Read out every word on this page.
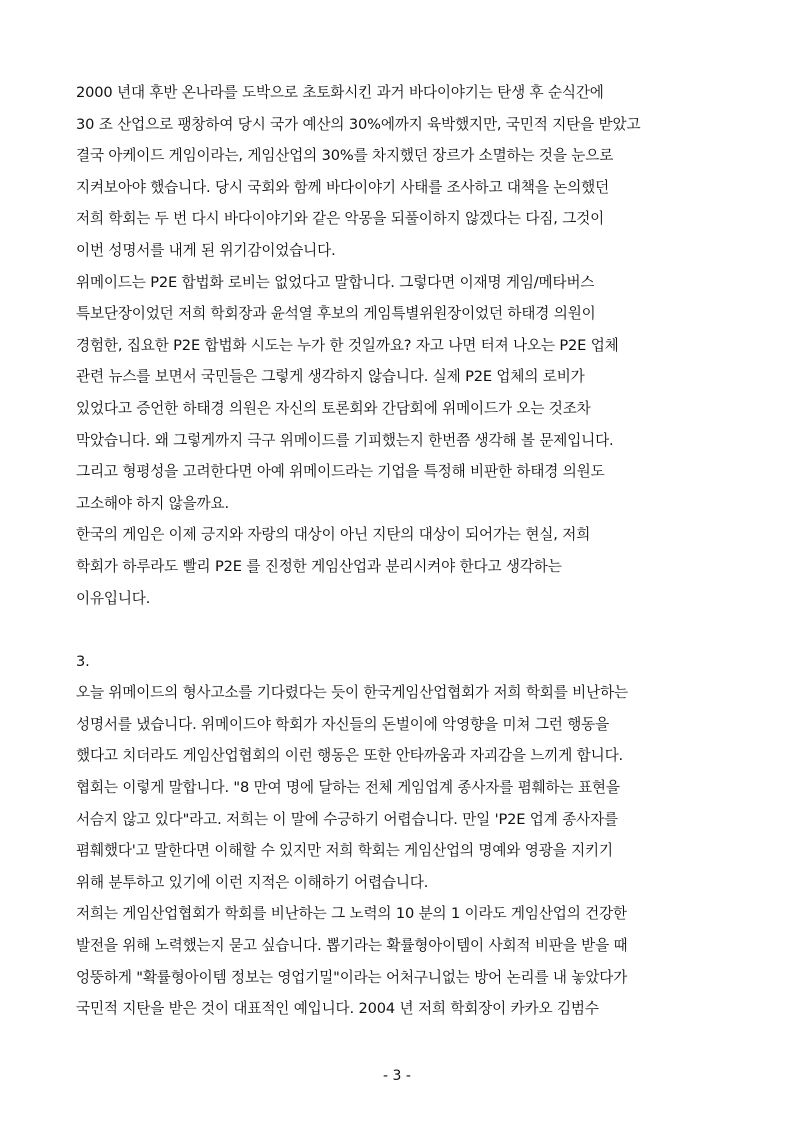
2000 년대 후반 온나라를 도박으로 초토화시킨 과거 바다이야기는 탄생 후 순식간에
30 조 산업으로 팽창하여 당시 국가 예산의 30%에까지 육박했지만, 국민적 지탄을 받았고
결국 아케이드 게임이라는, 게임산업의 30%를 차지했던 장르가 소멸하는 것을 눈으로
지켜보아야 했습니다. 당시 국회와 함께 바다이야기 사태를 조사하고 대책을 논의했던
저희 학회는 두 번 다시 바다이야기와 같은 악몽을 되풀이하지 않겠다는 다짐, 그것이
이번 성명서를 내게 된 위기감이었습니다.
위메이드는 P2E 합법화 로비는 없었다고 말합니다. 그렇다면 이재명 게임/메타버스
특보단장이었던 저희 학회장과 윤석열 후보의 게임특별위원장이었던 하태경 의원이
경험한, 집요한 P2E 합법화 시도는 누가 한 것일까요? 자고 나면 터져 나오는 P2E 업체
관련 뉴스를 보면서 국민들은 그렇게 생각하지 않습니다. 실제 P2E 업체의 로비가
있었다고 증언한 하태경 의원은 자신의 토론회와 간담회에 위메이드가 오는 것조차
막았습니다. 왜 그렇게까지 극구 위메이드를 기피했는지 한번쯤 생각해 볼 문제입니다.
그리고 형평성을 고려한다면 아예 위메이드라는 기업을 특정해 비판한 하태경 의원도
고소해야 하지 않을까요.
한국의 게임은 이제 긍지와 자랑의 대상이 아닌 지탄의 대상이 되어가는 현실, 저희
학회가 하루라도 빨리 P2E 를 진정한 게임산업과 분리시켜야 한다고 생각하는
이유입니다.
3.
오늘 위메이드의 형사고소를 기다렸다는 듯이 한국게임산업협회가 저희 학회를 비난하는
성명서를 냈습니다. 위메이드야 학회가 자신들의 돈벌이에 악영향을 미쳐 그런 행동을
했다고 치더라도 게임산업협회의 이런 행동은 또한 안타까움과 자괴감을 느끼게 합니다.
협회는 이렇게 말합니다. "8 만여 명에 달하는 전체 게임업계 종사자를 폄훼하는 표현을
서슴지 않고 있다"라고. 저희는 이 말에 수긍하기 어렵습니다. 만일 'P2E 업계 종사자를
폄훼했다'고 말한다면 이해할 수 있지만 저희 학회는 게임산업의 명예와 영광을 지키기
위해 분투하고 있기에 이런 지적은 이해하기 어렵습니다.
저희는 게임산업협회가 학회를 비난하는 그 노력의 10 분의 1 이라도 게임산업의 건강한
발전을 위해 노력했는지 묻고 싶습니다. 뽑기라는 확률형아이템이 사회적 비판을 받을 때
엉뚱하게 "확률형아이템 정보는 영업기밀"이라는 어처구니없는 방어 논리를 내 놓았다가
국민적 지탄을 받은 것이 대표적인 예입니다. 2004 년 저희 학회장이 카카오 김범수
- 3 -
